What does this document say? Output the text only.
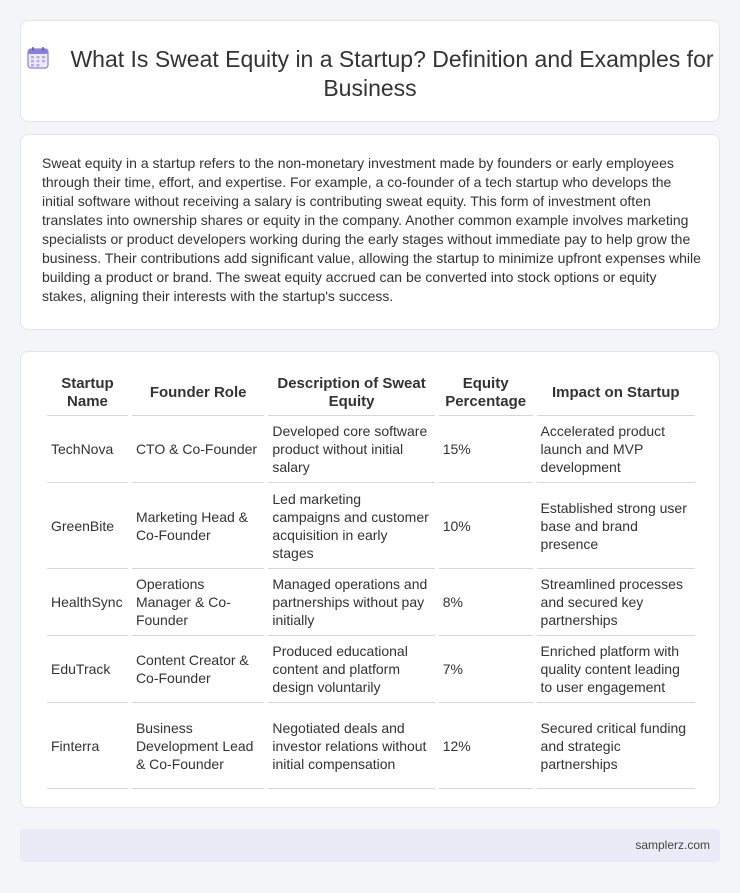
What Is Sweat Equity in a Startup? Definition and Examples for Business

Sweat equity in a startup refers to the non-monetary investment made by founders or early employees through their time, effort, and expertise. For example, a co-founder of a tech startup who develops the initial software without receiving a salary is contributing sweat equity. This form of investment often translates into ownership shares or equity in the company. Another common example involves marketing specialists or product developers working during the early stages without immediate pay to help grow the business. Their contributions add significant value, allowing the startup to minimize upfront expenses while building a product or brand. The sweat equity accrued can be converted into stock options or equity stakes, aligning their interests with the startup's success.

Startup Name	Founder Role	Description of Sweat Equity	Equity Percentage	Impact on Startup
TechNova	CTO & Co-Founder	Developed core software product without initial salary	15%	Accelerated product launch and MVP development
GreenBite	Marketing Head & Co-Founder	Led marketing campaigns and customer acquisition in early stages	10%	Established strong user base and brand presence
HealthSync	Operations Manager & Co-Founder	Managed operations and partnerships without pay initially	8%	Streamlined processes and secured key partnerships
EduTrack	Content Creator & Co-Founder	Produced educational content and platform design voluntarily	7%	Enriched platform with quality content leading to user engagement
Finterra	Business Development Lead & Co-Founder	Negotiated deals and investor relations without initial compensation	12%	Secured critical funding and strategic partnerships
samplerz.com
